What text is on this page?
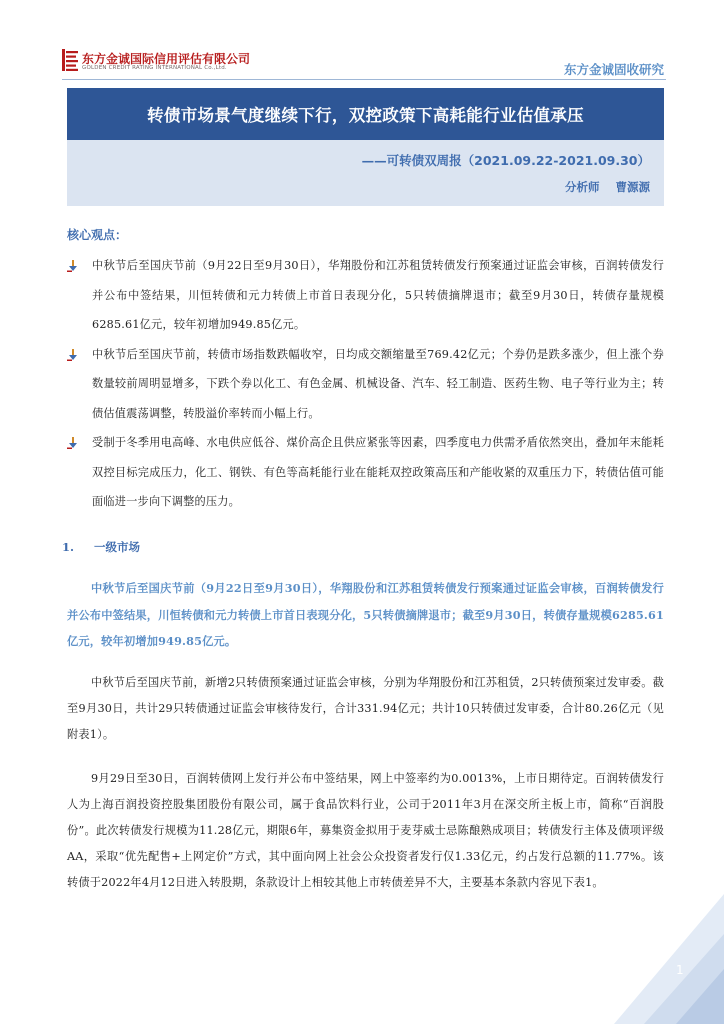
东方金诚国际信用评估有限公司
GOLDEN CREDIT RATING INTERNATIONAL Co.,Ltd.	东方金诚固收研究
转债市场景气度继续下行，双控政策下高耗能行业估值承压
——可转债双周报（2021.09.22-2021.09.30）
分析师 曹源源
核心观点：
中秋节后至国庆节前（9月22日至9月30日），华翔股份和江苏租赁转债发行预案通过证监会审核，百润转债发行并公布中签结果，川恒转债和元力转债上市首日表现分化，5只转债摘牌退市；截至9月30日，转债存量规模6285.61亿元，较年初增加949.85亿元。
中秋节后至国庆节前，转债市场指数跌幅收窄，日均成交额缩量至769.42亿元；个券仍是跌多涨少，但上涨个券数量较前周明显增多，下跌个券以化工、有色金属、机械设备、汽车、轻工制造、医药生物、电子等行业为主；转债估值震荡调整，转股溢价率转而小幅上行。
受制于冬季用电高峰、水电供应低谷、煤价高企且供应紧张等因素，四季度电力供需矛盾依然突出，叠加年末能耗双控目标完成压力，化工、钢铁、有色等高耗能行业在能耗双控政策高压和产能收紧的双重压力下，转债估值可能面临进一步向下调整的压力。
1. 一级市场
中秋节后至国庆节前（9月22日至9月30日），华翔股份和江苏租赁转债发行预案通过证监会审核，百润转债发行并公布中签结果，川恒转债和元力转债上市首日表现分化，5只转债摘牌退市；截至9月30日，转债存量规模6285.61亿元，较年初增加949.85亿元。
中秋节后至国庆节前，新增2只转债预案通过证监会审核，分别为华翔股份和江苏租赁，2只转债预案过发审委。截至9月30日，共计29只转债通过证监会审核待发行，合计331.94亿元；共计10只转债过发审委，合计80.26亿元（见附表1）。
9月29日至30日，百润转债网上发行并公布中签结果，网上中签率约为0.0013%，上市日期待定。百润转债发行人为上海百润投资控股集团股份有限公司，属于食品饮料行业，公司于2011年3月在深交所主板上市，简称“百润股份”。此次转债发行规模为11.28亿元，期限6年，募集资金拟用于麦芽威士忌陈酿熟成项目；转债发行主体及债项评级AA，采取“优先配售+上网定价”方式，其中面向网上社会公众投资者发行仅1.33亿元，约占发行总额的11.77%。该转债于2022年4月12日进入转股期，条款设计上相较其他上市转债差异不大，主要基本条款内容见下表1。
1
